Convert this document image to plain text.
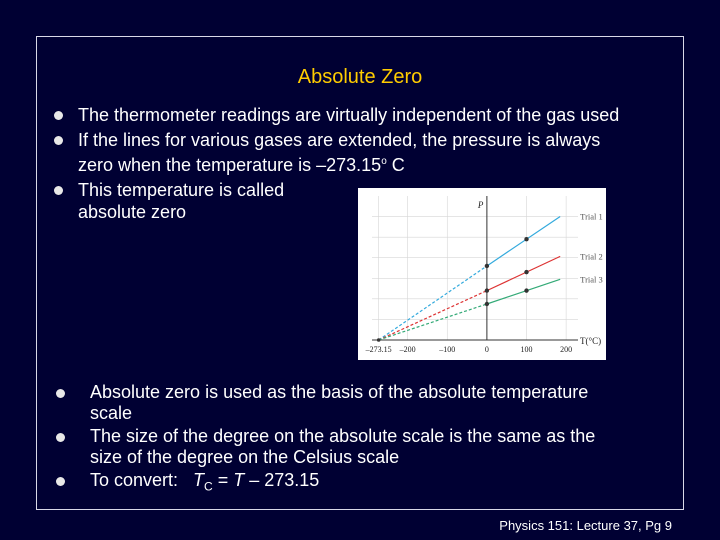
Absolute Zero
The thermometer readings are virtually independent of the gas used
If the lines for various gases are extended, the pressure is always
zero when the temperature is –273.15$^o$ C
This temperature is called
absolute zero	P
T(°C)
–273.15 –200	–100	0	100	200
Trial 1
Trial 2
Trial 3
Absolute zero is used as the basis of the absolute temperature
scale
The size of the degree on the absolute scale is the same as the
size of the degree on the Celsius scale
To convert:   $T_C = T - 273.15$
Physics 151: Lecture 37, Pg 9
